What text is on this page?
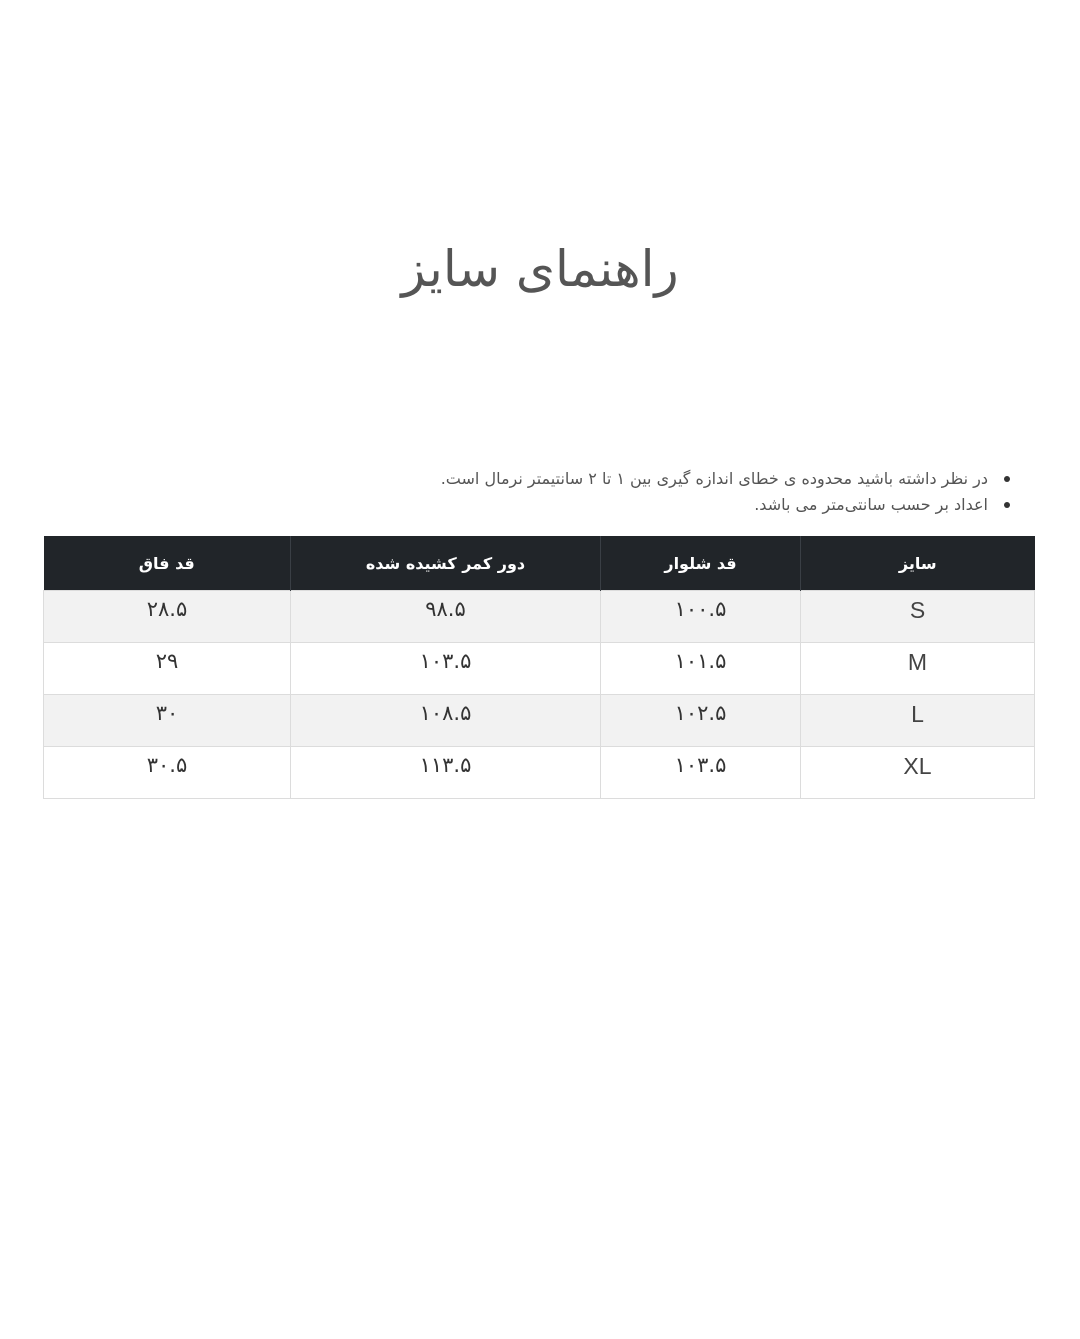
راهنمای سایز
در نظر داشته باشید محدوده ی خطای اندازه گیری بین ۱ تا ۲ سانتیمتر نرمال است.
اعداد بر حسب سانتی‌متر می باشد.
سایز	قد شلوار	دور کمر کشیده شده	قد فاق
S	۱۰۰.۵	۹۸.۵	۲۸.۵
M	۱۰۱.۵	۱۰۳.۵	۲۹
L	۱۰۲.۵	۱۰۸.۵	۳۰
XL	۱۰۳.۵	۱۱۳.۵	۳۰.۵
